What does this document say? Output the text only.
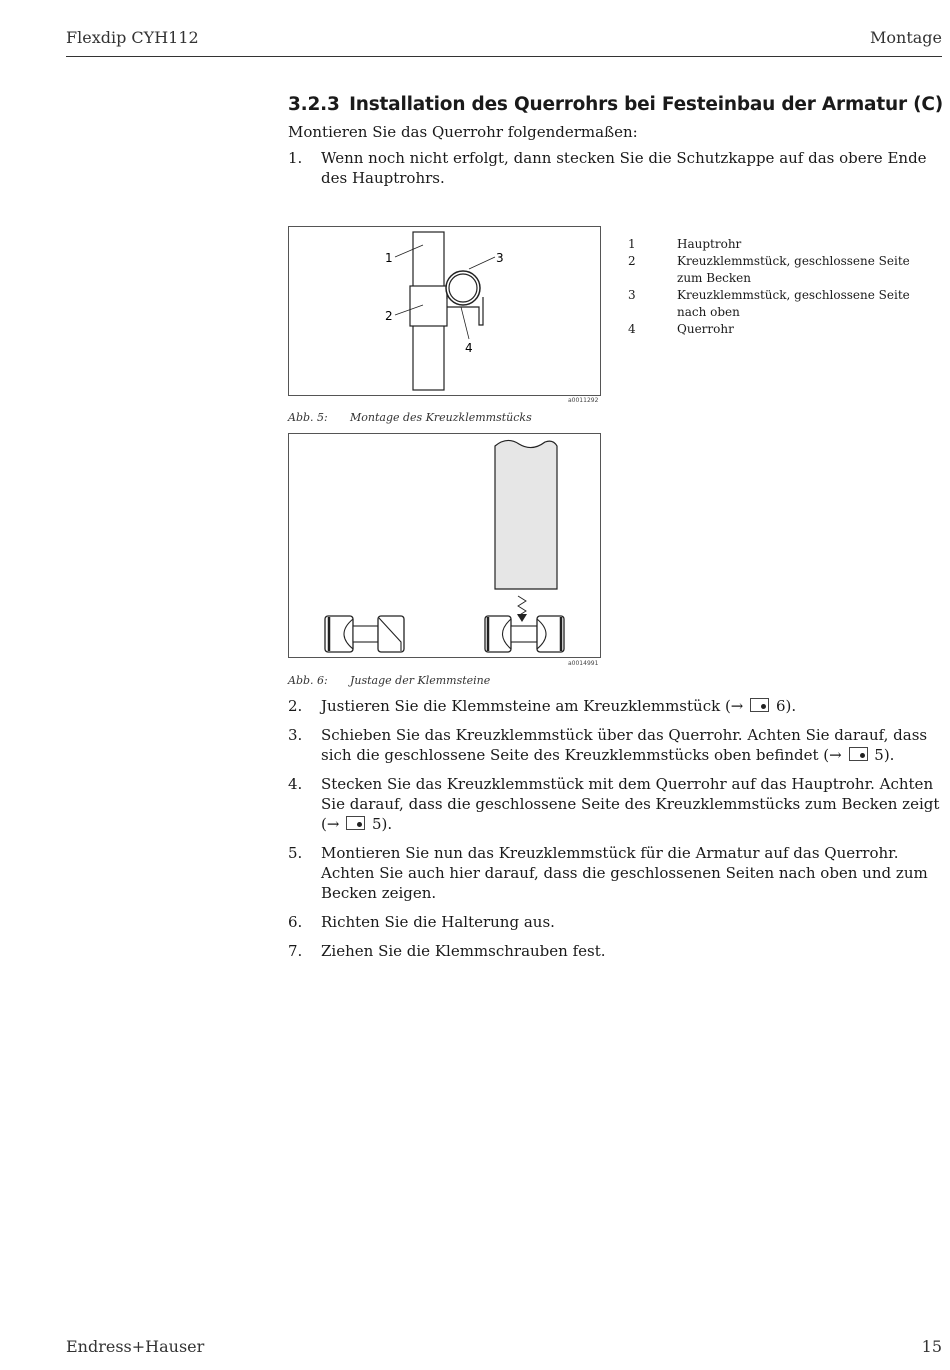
Flexdip CYH112	Montage
3.2.3 Installation des Querrohrs bei Festeinbau der Armatur (C)

Montieren Sie das Querrohr folgendermaßen:

1.	Wenn noch nicht erfolgt, dann stecken Sie die Schutzkappe auf das obere Ende des Hauptrohrs.
1
2
3
4
a0011292
Abb. 5:	Montage des Kreuzklemmstücks
1	Hauptrohr
2	Kreuzklemmstück, geschlossene Seite zum Becken
3	Kreuzklemmstück, geschlossene Seite nach oben
4	Querrohr
a0014991
Abb. 6:	Justage der Klemmsteine
2.	Justieren Sie die Klemmsteine am Kreuzklemmstück (→  6).
3.	Schieben Sie das Kreuzklemmstück über das Querrohr. Achten Sie darauf, dass sich die geschlossene Seite des Kreuzklemmstücks oben befindet (→  5).
4.	Stecken Sie das Kreuzklemmstück mit dem Querrohr auf das Hauptrohr. Achten Sie darauf, dass die geschlossene Seite des Kreuzklemmstücks zum Becken zeigt (→  5).
5.	Montieren Sie nun das Kreuzklemmstück für die Armatur auf das Querrohr. Achten Sie auch hier darauf, dass die geschlossenen Seiten nach oben und zum Becken zeigen.
6.	Richten Sie die Halterung aus.
7.	Ziehen Sie die Klemmschrauben fest.
Endress+Hauser	15
